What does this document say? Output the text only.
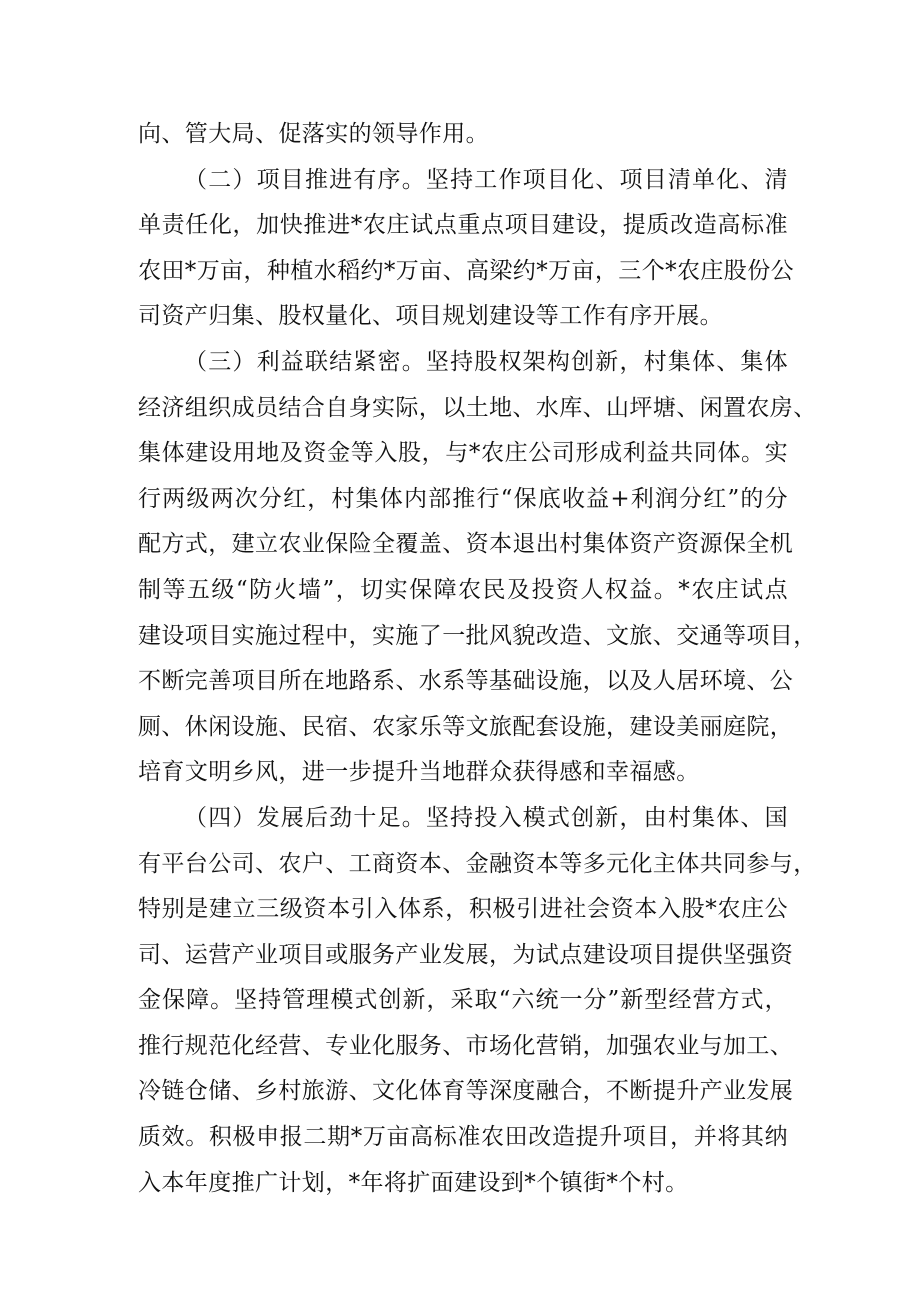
向、管大局、促落实的领导作用。
（二）项目推进有序。坚持工作项目化、项目清单化、清
单责任化，加快推进*农庄试点重点项目建设，提质改造高标准
农田*万亩，种植水稻约*万亩、高梁约*万亩，三个*农庄股份公
司资产归集、股权量化、项目规划建设等工作有序开展。
（三）利益联结紧密。坚持股权架构创新，村集体、集体
经济组织成员结合自身实际，以土地、水库、山坪塘、闲置农房、
集体建设用地及资金等入股，与*农庄公司形成利益共同体。实
行两级两次分红，村集体内部推行“保底收益+利润分红”的分
配方式，建立农业保险全覆盖、资本退出村集体资产资源保全机
制等五级“防火墙”，切实保障农民及投资人权益。*农庄试点
建设项目实施过程中，实施了一批风貌改造、文旅、交通等项目，
不断完善项目所在地路系、水系等基础设施，以及人居环境、公
厕、休闲设施、民宿、农家乐等文旅配套设施，建设美丽庭院，
培育文明乡风，进一步提升当地群众获得感和幸福感。
（四）发展后劲十足。坚持投入模式创新，由村集体、国
有平台公司、农户、工商资本、金融资本等多元化主体共同参与，
特别是建立三级资本引入体系，积极引进社会资本入股*农庄公
司、运营产业项目或服务产业发展，为试点建设项目提供坚强资
金保障。坚持管理模式创新，采取“六统一分”新型经营方式，
推行规范化经营、专业化服务、市场化营销，加强农业与加工、
冷链仓储、乡村旅游、文化体育等深度融合，不断提升产业发展
质效。积极申报二期*万亩高标准农田改造提升项目，并将其纳
入本年度推广计划，*年将扩面建设到*个镇街*个村。
